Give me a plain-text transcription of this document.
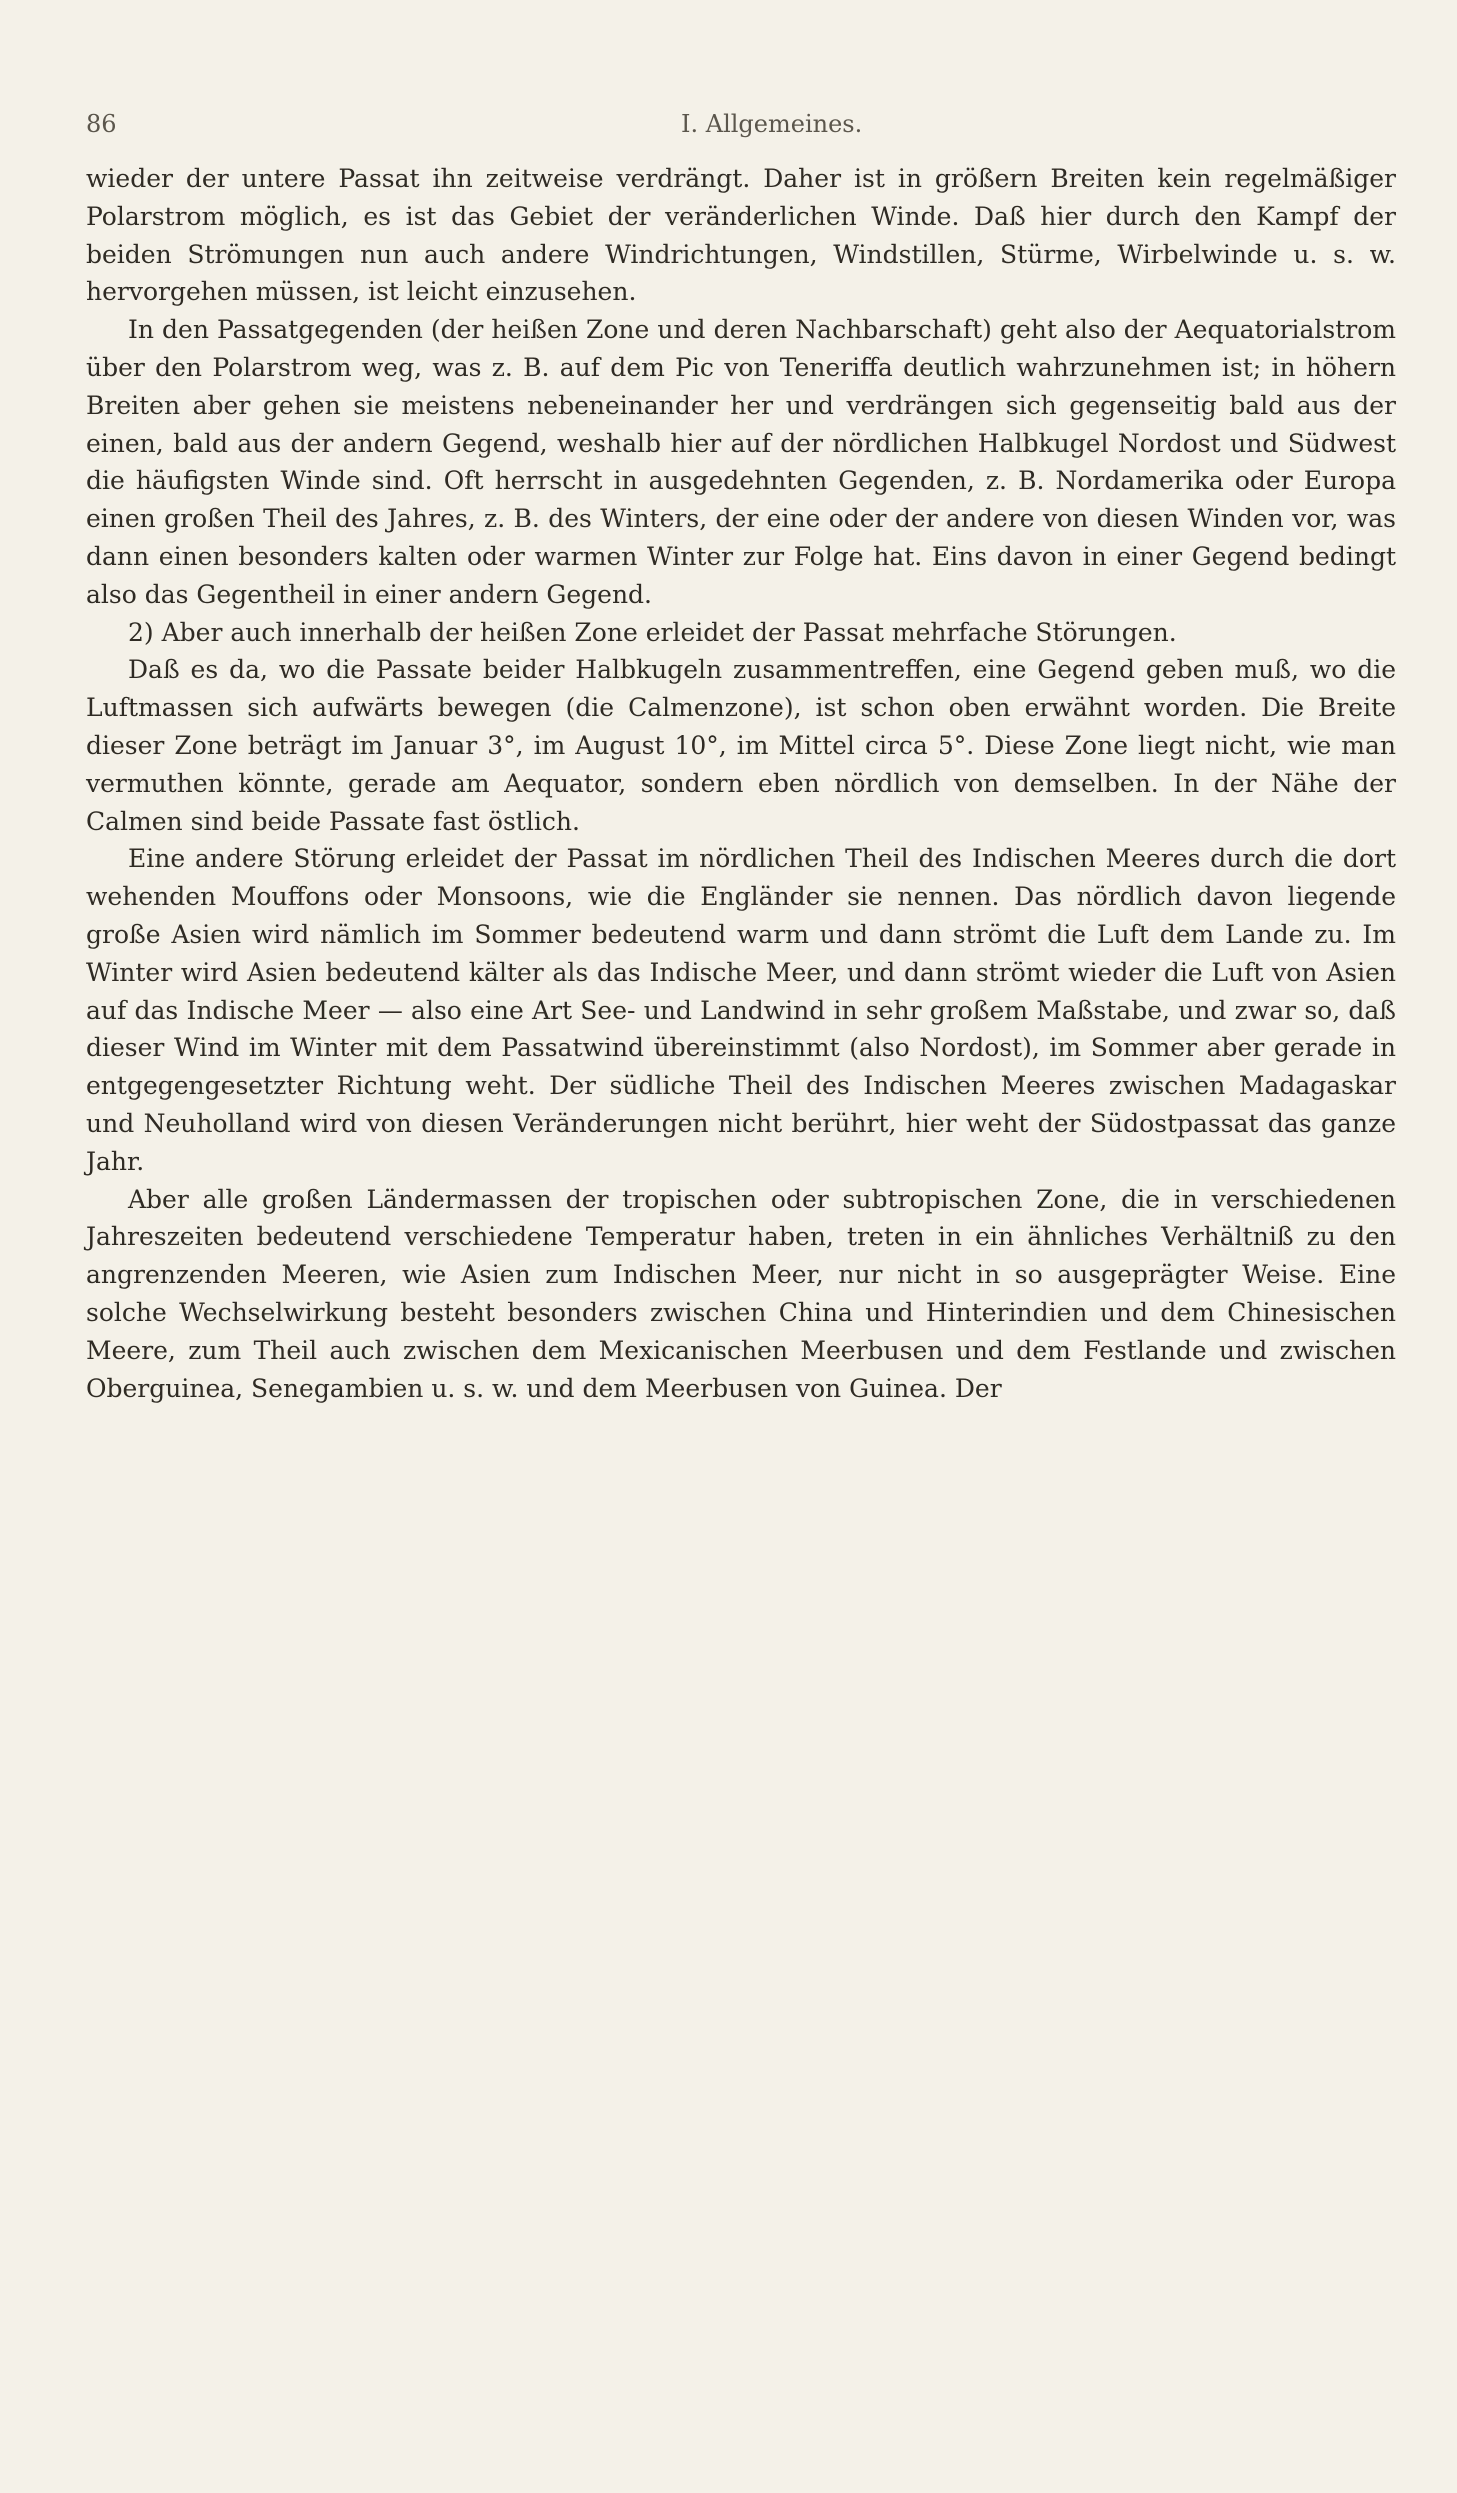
86	I. Allgemeines.

wieder der untere Passat ihn zeitweise verdrängt. Daher ist in größern Breiten kein regelmäßiger Polarstrom möglich, es ist das Gebiet der veränderlichen Winde. Daß hier durch den Kampf der beiden Strömungen nun auch andere Windrichtungen, Windstillen, Stürme, Wirbelwinde u. s. w. hervorgehen müssen, ist leicht einzusehen.

In den Passatgegenden (der heißen Zone und deren Nachbarschaft) geht also der Aequatorialstrom über den Polarstrom weg, was z. B. auf dem Pic von Teneriffa deutlich wahrzunehmen ist; in höhern Breiten aber gehen sie meistens nebeneinander her und verdrängen sich gegenseitig bald aus der einen, bald aus der andern Gegend, weshalb hier auf der nördlichen Halbkugel Nordost und Südwest die häufigsten Winde sind. Oft herrscht in ausgedehnten Gegenden, z. B. Nordamerika oder Europa einen großen Theil des Jahres, z. B. des Winters, der eine oder der andere von diesen Winden vor, was dann einen besonders kalten oder warmen Winter zur Folge hat. Eins davon in einer Gegend bedingt also das Gegentheil in einer andern Gegend.

2) Aber auch innerhalb der heißen Zone erleidet der Passat mehrfache Störungen.

Daß es da, wo die Passate beider Halbkugeln zusammentreffen, eine Gegend geben muß, wo die Luftmassen sich aufwärts bewegen (die Calmenzone), ist schon oben erwähnt worden. Die Breite dieser Zone beträgt im Januar 3°, im August 10°, im Mittel circa 5°. Diese Zone liegt nicht, wie man vermuthen könnte, gerade am Aequator, sondern eben nördlich von demselben. In der Nähe der Calmen sind beide Passate fast östlich.

Eine andere Störung erleidet der Passat im nördlichen Theil des Indischen Meeres durch die dort wehenden Mouffons oder Monsoons, wie die Engländer sie nennen. Das nördlich davon liegende große Asien wird nämlich im Sommer bedeutend warm und dann strömt die Luft dem Lande zu. Im Winter wird Asien bedeutend kälter als das Indische Meer, und dann strömt wieder die Luft von Asien auf das Indische Meer — also eine Art See- und Landwind in sehr großem Maßstabe, und zwar so, daß dieser Wind im Winter mit dem Passatwind übereinstimmt (also Nordost), im Sommer aber gerade in entgegengesetzter Richtung weht. Der südliche Theil des Indischen Meeres zwischen Madagaskar und Neuholland wird von diesen Veränderungen nicht berührt, hier weht der Südostpassat das ganze Jahr.

Aber alle großen Ländermassen der tropischen oder subtropischen Zone, die in verschiedenen Jahreszeiten bedeutend verschiedene Temperatur haben, treten in ein ähnliches Verhältniß zu den angrenzenden Meeren, wie Asien zum Indischen Meer, nur nicht in so ausgeprägter Weise. Eine solche Wechselwirkung besteht besonders zwischen China und Hinterindien und dem Chinesischen Meere, zum Theil auch zwischen dem Mexicanischen Meerbusen und dem Festlande und zwischen Oberguinea, Senegambien u. s. w. und dem Meerbusen von Guinea. Der
